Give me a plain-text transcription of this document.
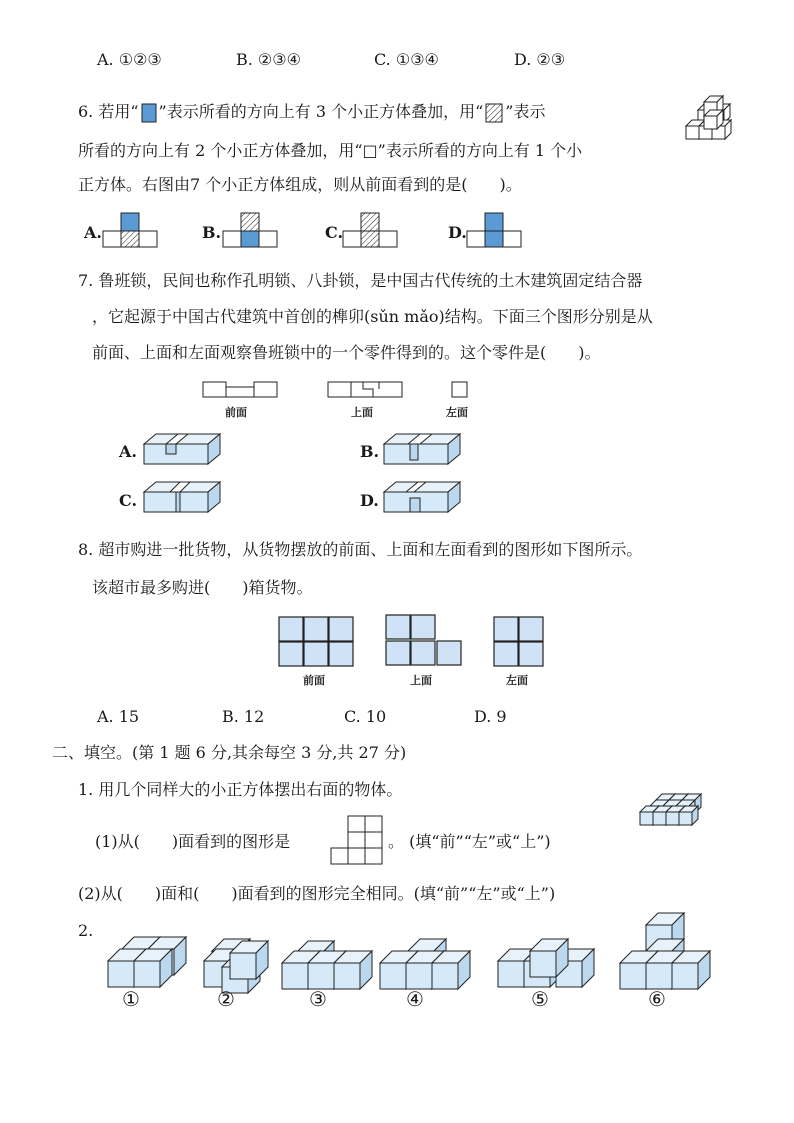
A. ①②③	B. ②③④	C. ①③④	D. ②③
6. 若用“ ”表示所看的方向上有 3 个小正方体叠加，用“ ”表示
所看的方向上有 2 个小正方体叠加，用“□”表示所看的方向上有 1 个小
正方体。右图由7 个小正方体组成，则从前面看到的是(　　)。
A.	B.	C.	D.
7. 鲁班锁，民间也称作孔明锁、八卦锁，是中国古代传统的土木建筑固定结合器
，它起源于中国古代建筑中首创的榫卯(sǔn mǎo)结构。下面三个图形分别是从
前面、上面和左面观察鲁班锁中的一个零件得到的。这个零件是(　　)。
前面	上面	左面
A.	B.
C.	D.
8. 超市购进一批货物，从货物摆放的前面、上面和左面看到的图形如下图所示。
该超市最多购进(　　)箱货物。
前面	上面	左面
A. 15	B. 12	C. 10	D. 9
二、填空。(第 1 题 6 分,其余每空 3 分,共 27 分)
1. 用几个同样大的小正方体摆出右面的物体。
(1)从(　　)面看到的图形是	。 (填“前”“左”或“上”)
(2)从(　　)面和(　　)面看到的图形完全相同。(填“前”“左”或“上”)
2.
①	②	③	④	⑤	⑥
